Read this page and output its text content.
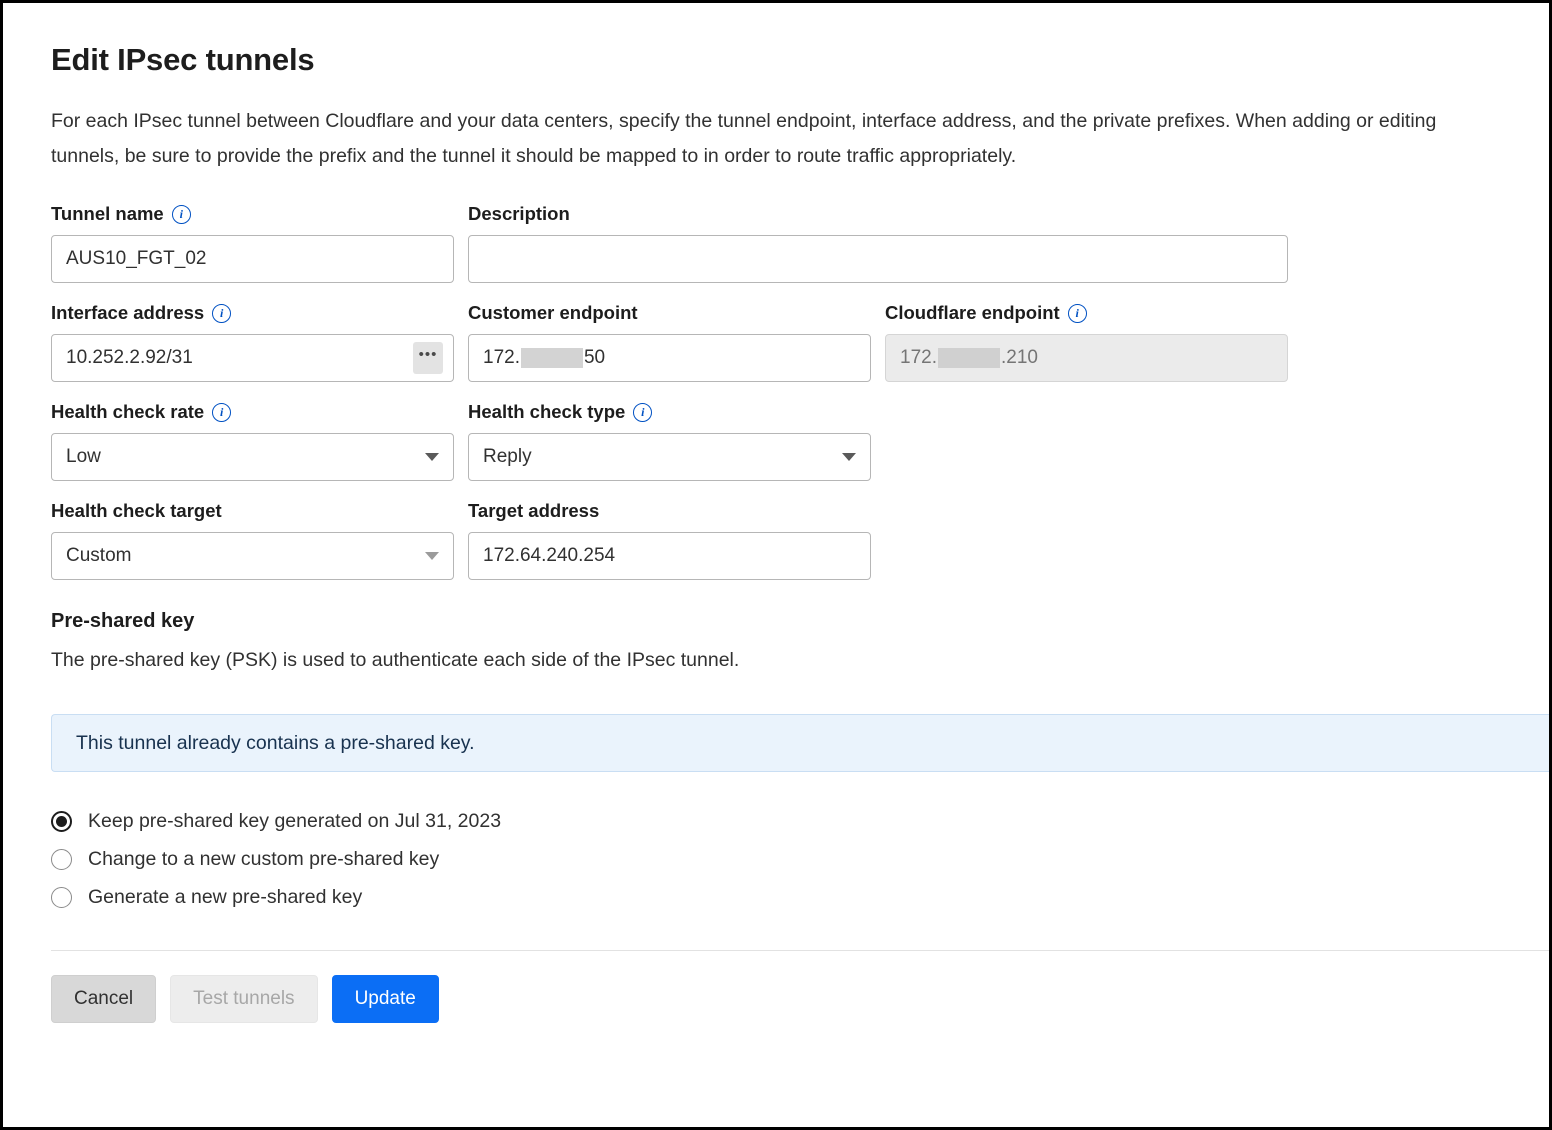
Edit IPsec tunnels

For each IPsec tunnel between Cloudflare and your data centers, specify the tunnel endpoint, interface address, and the private prefixes. When adding or editing tunnels, be sure to provide the prefix and the tunnel it should be mapped to in order to route traffic appropriately.

Tunnel name	i
AUS10_FGT_02
Description
Interface address	i
10.252.2.92/31	•••
Customer endpoint
172.	50
Cloudflare endpoint	i
172.	.210
Health check rate	i
Low
Health check type	i
Reply
Health check target
Custom
Target address
172.64.240.254
Pre-shared key
The pre-shared key (PSK) is used to authenticate each side of the IPsec tunnel.
This tunnel already contains a pre-shared key.
Keep pre-shared key generated on Jul 31, 2023
Change to a new custom pre-shared key
Generate a new pre-shared key
Cancel	Test tunnels	Update
